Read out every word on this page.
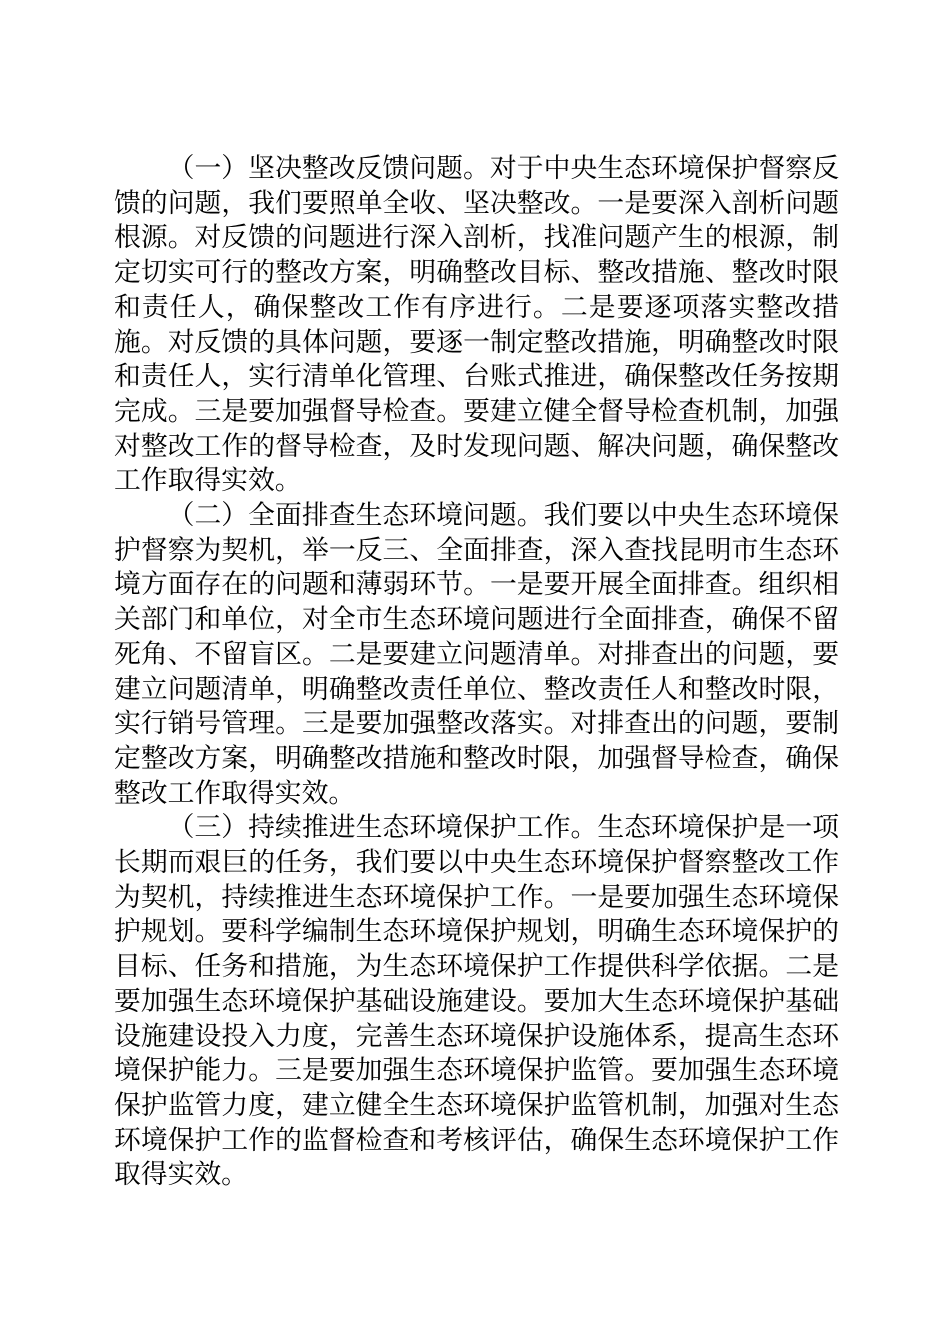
（一）坚决整改反馈问题。对于中央生态环境保护督察反馈的问题，我们要照单全收、坚决整改。一是要深入剖析问题根源。对反馈的问题进行深入剖析，找准问题产生的根源，制定切实可行的整改方案，明确整改目标、整改措施、整改时限和责任人，确保整改工作有序进行。二是要逐项落实整改措施。对反馈的具体问题，要逐一制定整改措施，明确整改时限和责任人，实行清单化管理、台账式推进，确保整改任务按期完成。三是要加强督导检查。要建立健全督导检查机制，加强对整改工作的督导检查，及时发现问题、解决问题，确保整改工作取得实效。

（二）全面排查生态环境问题。我们要以中央生态环境保护督察为契机，举一反三、全面排查，深入查找昆明市生态环境方面存在的问题和薄弱环节。一是要开展全面排查。组织相关部门和单位，对全市生态环境问题进行全面排查，确保不留死角、不留盲区。二是要建立问题清单。对排查出的问题，要建立问题清单，明确整改责任单位、整改责任人和整改时限，实行销号管理。三是要加强整改落实。对排查出的问题，要制定整改方案，明确整改措施和整改时限，加强督导检查，确保整改工作取得实效。

（三）持续推进生态环境保护工作。生态环境保护是一项长期而艰巨的任务，我们要以中央生态环境保护督察整改工作为契机，持续推进生态环境保护工作。一是要加强生态环境保护规划。要科学编制生态环境保护规划，明确生态环境保护的目标、任务和措施，为生态环境保护工作提供科学依据。二是要加强生态环境保护基础设施建设。要加大生态环境保护基础设施建设投入力度，完善生态环境保护设施体系，提高生态环境保护能力。三是要加强生态环境保护监管。要加强生态环境保护监管力度，建立健全生态环境保护监管机制，加强对生态环境保护工作的监督检查和考核评估，确保生态环境保护工作取得实效。
